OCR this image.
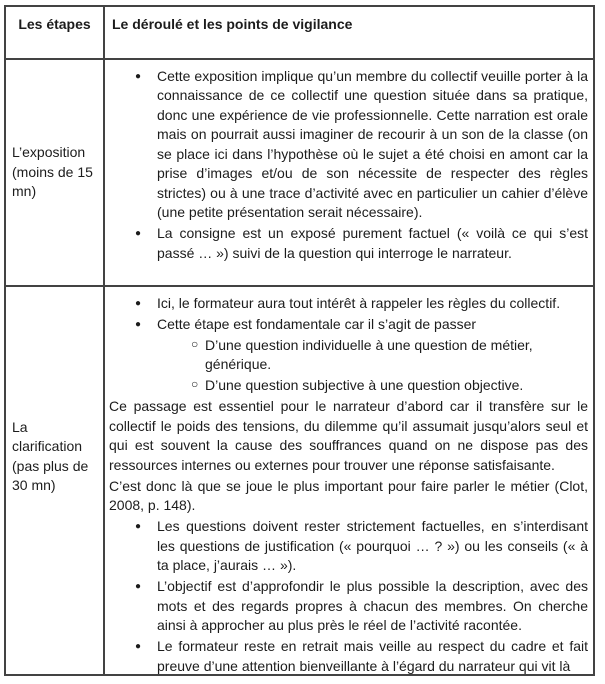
Les étapes	Le déroulé et les points de vigilance
L’exposition (moins de 15 mn)
● Cette exposition implique qu’un membre du collectif veuille porter à la connaissance de ce collectif une question située dans sa pratique, donc une expérience de vie professionnelle. Cette narration est orale mais on pourrait aussi imaginer de recourir à un son de la classe (on se place ici dans l’hypothèse où le sujet a été choisi en amont car la prise d’images et/ou de son nécessite de respecter des règles strictes) ou à une trace d’activité avec en particulier un cahier d’élève (une petite présentation serait nécessaire).
● La consigne est un exposé purement factuel (« voilà ce qui s’est passé … ») suivi de la question qui interroge le narrateur.
La clarification (pas plus de 30 mn)
● Ici, le formateur aura tout intérêt à rappeler les règles du collectif.
● Cette étape est fondamentale car il s’agit de passer
○ D’une question individuelle à une question de métier, générique.
○ D’une question subjective à une question objective.
Ce passage est essentiel pour le narrateur d’abord car il transfère sur le collectif le poids des tensions, du dilemme qu’il assumait jusqu’alors seul et qui est souvent la cause des souffrances quand on ne dispose pas des ressources internes ou externes pour trouver une réponse satisfaisante.
C’est donc là que se joue le plus important pour faire parler le métier (Clot, 2008, p. 148).
● Les questions doivent rester strictement factuelles, en s’interdisant les questions de justification (« pourquoi … ? ») ou les conseils (« à ta place, j’aurais … »).
● L’objectif est d’approfondir le plus possible la description, avec des mots et des regards propres à chacun des membres. On cherche ainsi à approcher au plus près le réel de l’activité racontée.
● Le formateur reste en retrait mais veille au respect du cadre et fait preuve d’une attention bienveillante à l’égard du narrateur qui vit là
